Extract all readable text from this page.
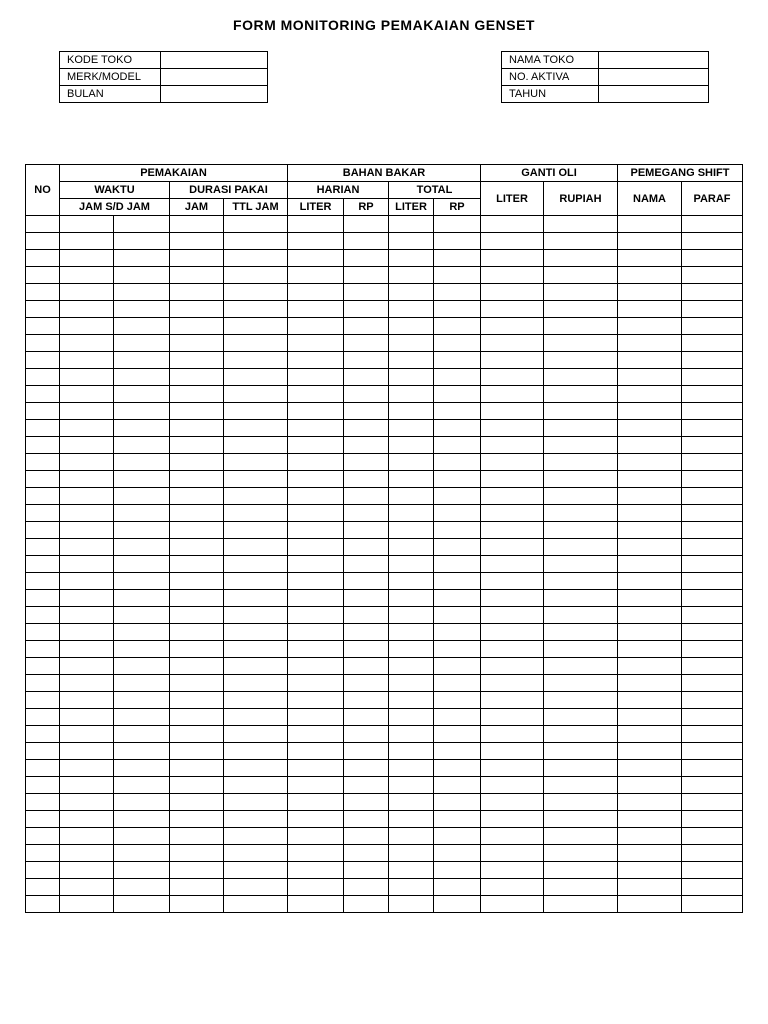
FORM MONITORING PEMAKAIAN GENSET
KODE TOKO	
MERK/MODEL	
BULAN	
NAMA TOKO	
NO. AKTIVA	
TAHUN	
NO	PEMAKAIAN				BAHAN BAKAR				GANTI OLI		PEMEGANG SHIFT	
	WAKTU		DURASI PAKAI		HARIAN		TOTAL		LITER	RUPIAH	NAMA	PARAF
	JAM S/D JAM		JAM	TTL JAM	LITER	RP	LITER	RP				
